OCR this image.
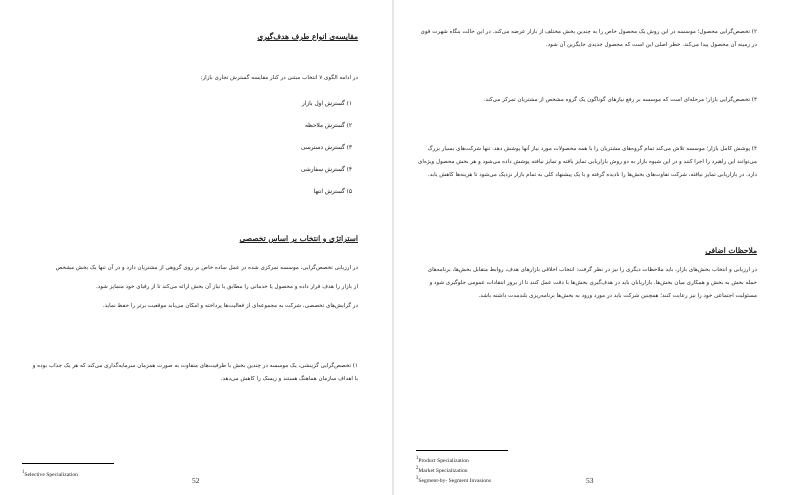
مقایسه‌ی انواع طرف هدف‌گیری
در ادامه الگوی ۷ انتخاب مبتنی در کنار مقایسه گسترش تجاری بازار:
۱) گسترش اول بازار
۲) گسترش ملاحظه
۳) گسترش دسترسی
۴) گسترش سفارشی
۵) گسترش انتها
استراتژی و انتخاب بر اساس تخصصی

در ارزیابی تخصص‌گرایی، موسسه تمرکزی شده در عمل ساده خاص بر روی گروهی از مشتریان دارد و در آن تنها یک بخش مشخص

از بازار را هدف قرار داده و محصول یا خدماتی را مطابق با نیاز آن بخش ارائه می‌کند تا از رقبای خود متمایز شود.

در گرایش‌های تخصصی، شرکت به مجموعه‌ای از فعالیت‌ها پرداخته و امکان می‌یابد موقعیت برتر را حفظ نماید.

۱) تخصص‌گرایی گزینشی، یک موسسه در چندین بخش با ظرفیت‌های متفاوت به صورت همزمان سرمایه‌گذاری می‌کند که هر یک جذاب بوده و با اهداف سازمان هماهنگ هستند و ریسک را کاهش می‌دهد.
$^1$Selective Specialization
52
۲) تخصص‌گرایی محصول؛ موسسه در این روش یک محصول خاص را به چندین بخش مختلف از بازار عرضه می‌کند. در این حالت بنگاه شهرت قوی در زمینه آن محصول پیدا می‌کند. خطر اصلی این است که محصول جدیدی جایگزین آن شود.
۳) تخصص‌گرایی بازار؛ مرحله‌ای است که موسسه بر رفع نیازهای گوناگون یک گروه مشخص از مشتریان تمرکز می‌کند.
۴) پوشش کامل بازار؛ موسسه تلاش می‌کند تمام گروه‌های مشتریان را با همه محصولات مورد نیاز آنها پوشش دهد. تنها شرکت‌های بسیار بزرگ می‌توانند این راهبرد را اجرا کنند و در این شیوه بازار به دو روش بازاریابی تمایز یافته و تمایز نیافته پوشش داده می‌شود و هر بخش محصول ویژه‌ای دارد. در بازاریابی تمایز نیافته، شرکت تفاوت‌های بخش‌ها را نادیده گرفته و با یک پیشنهاد کلی به تمام بازار نزدیک می‌شود تا هزینه‌ها کاهش یابد.
ملاحظات اضافی
در ارزیابی و انتخاب بخش‌های بازار، باید ملاحظات دیگری را نیز در نظر گرفت: انتخاب اخلاقی بازارهای هدف، روابط متقابل بخش‌ها، برنامه‌های حمله بخش به بخش و همکاری میان بخش‌ها. بازاریابان باید در هدف‌گیری بخش‌ها با دقت عمل کنند تا از بروز انتقادات عمومی جلوگیری شود و مسئولیت اجتماعی خود را نیز رعایت کنند؛ همچنین شرکت باید در مورد ورود به بخش‌ها برنامه‌ریزی بلندمدت داشته باشد.
$^1$Product Specialization
$^2$Market Specialization
$^3$Segment-by- Segment Invasions	53
